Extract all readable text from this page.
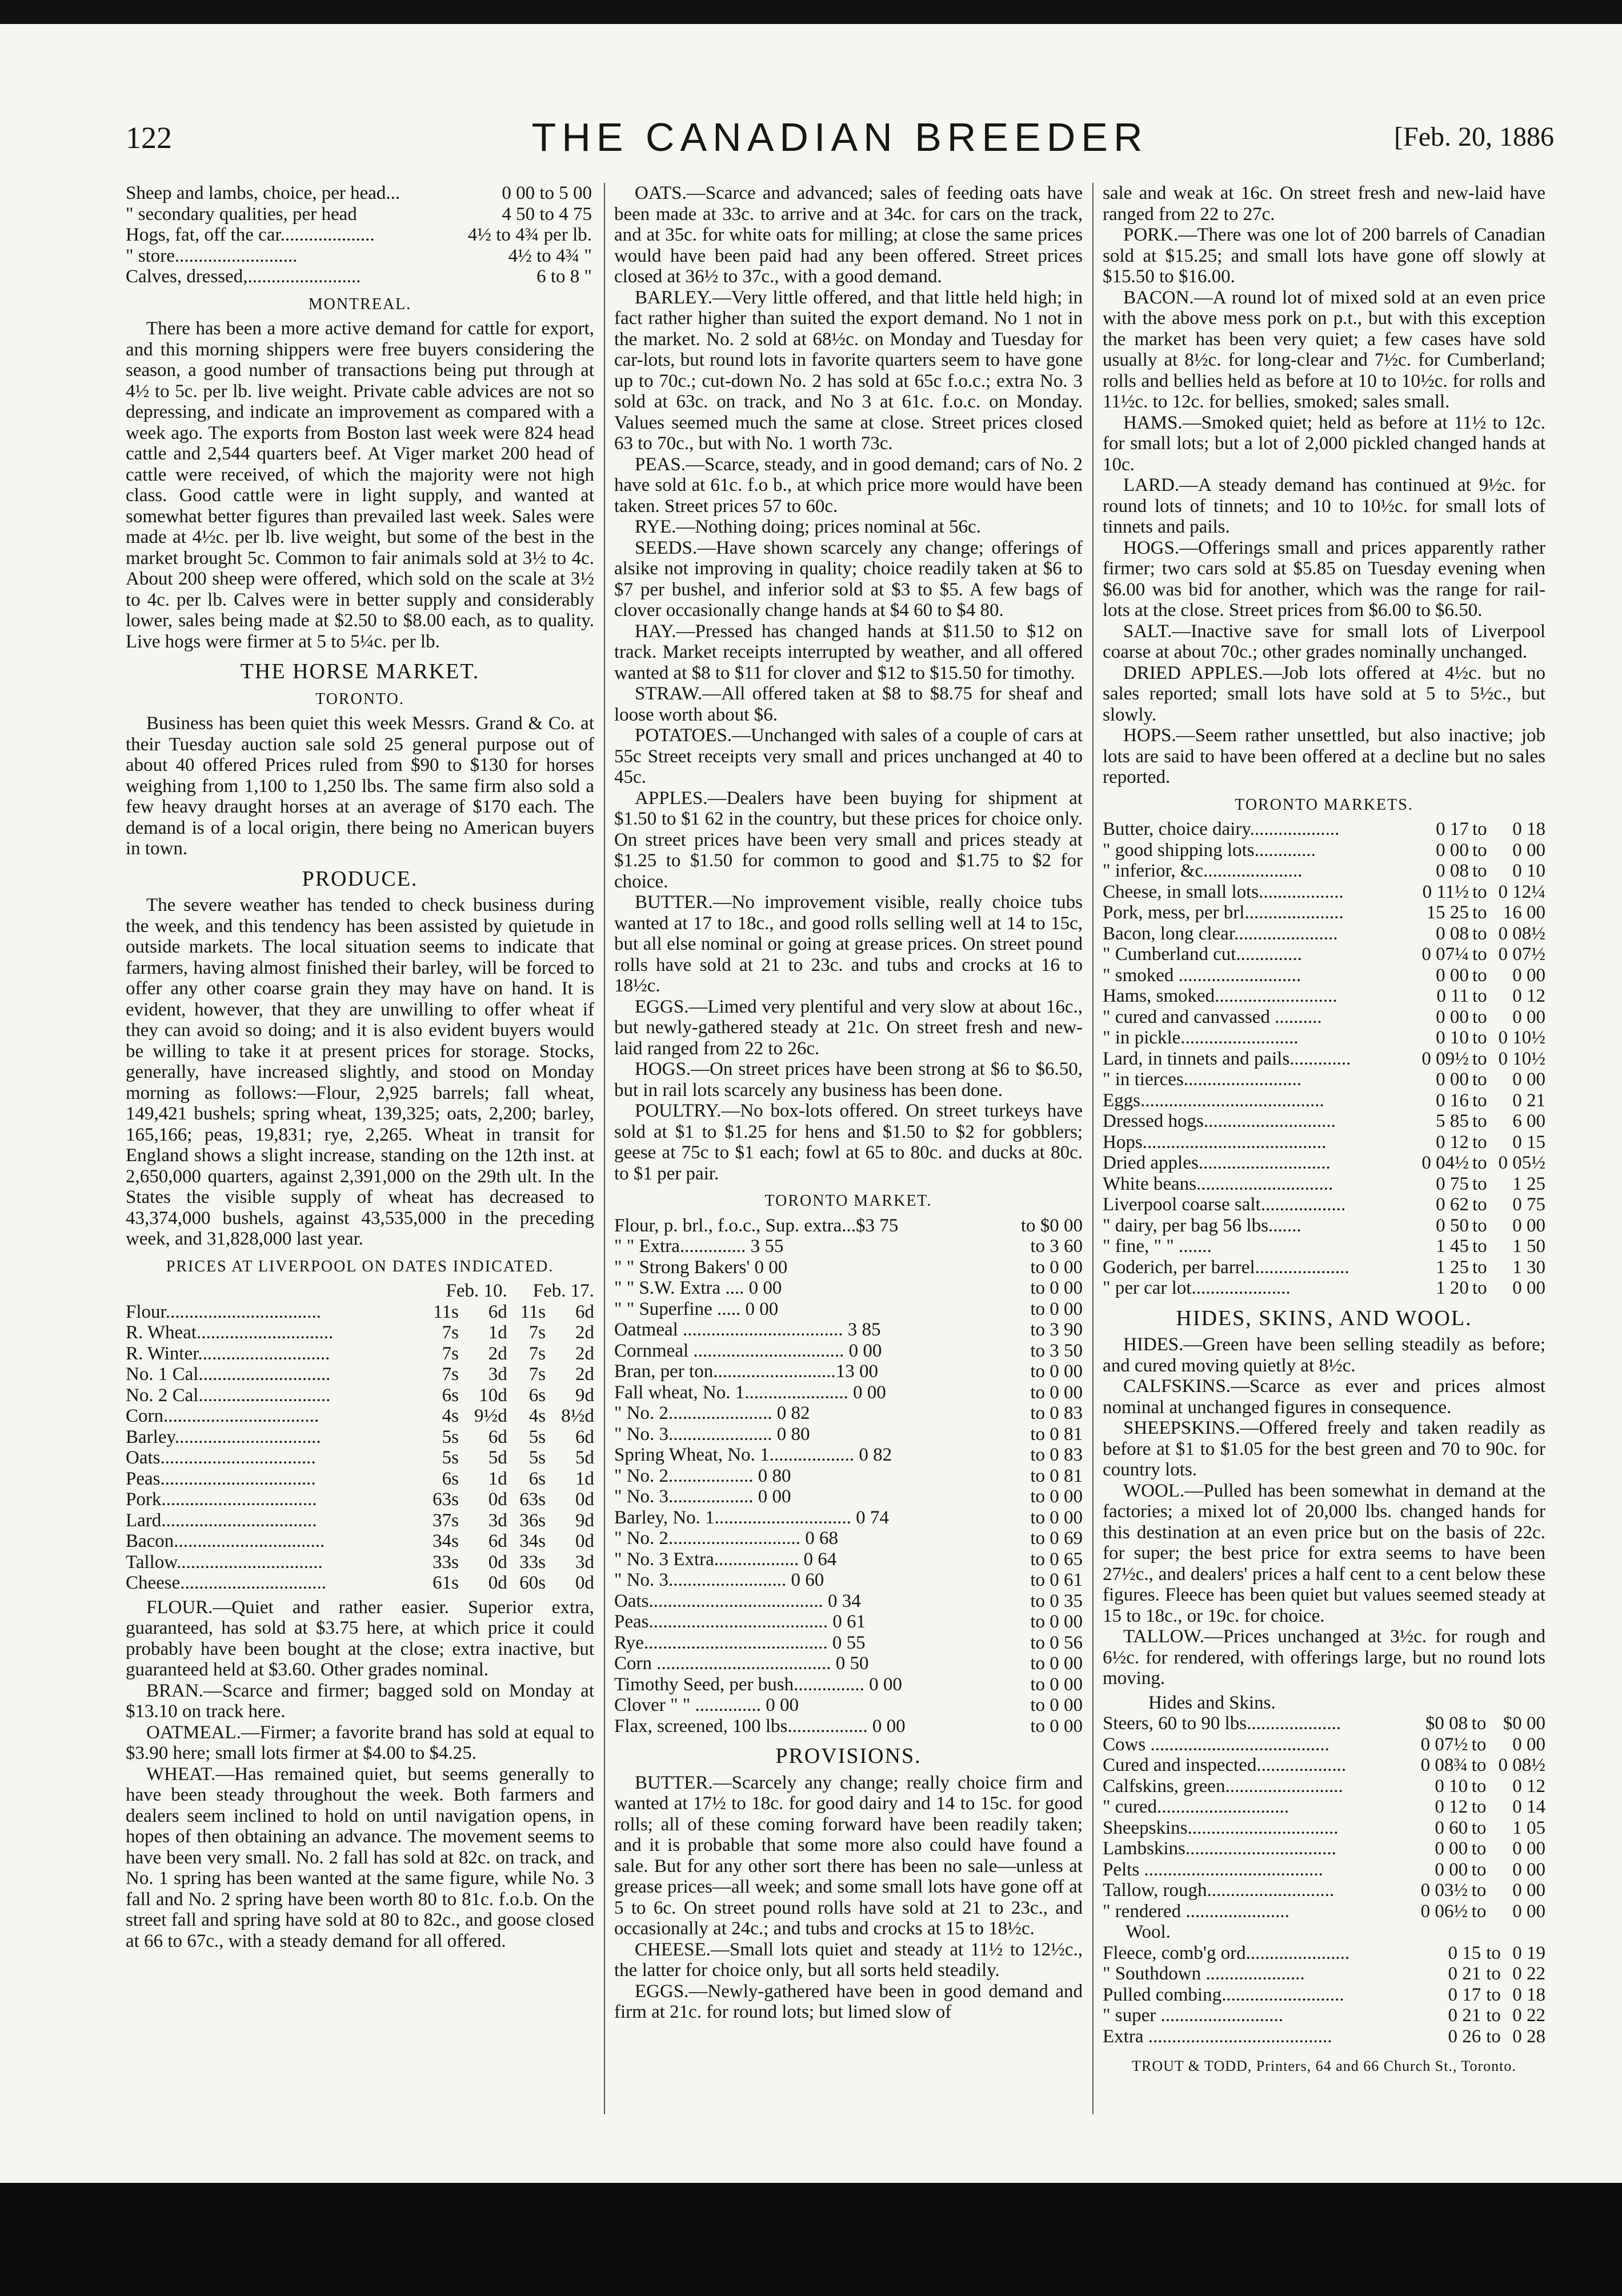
122	THE CANADIAN BREEDER	[Feb. 20, 1886
Sheep and lambs, choice, per head...	0 00 to 5 00
" secondary qualities, per head	4 50 to 4 75
Hogs, fat, off the car....................	4½ to 4¾ per lb.
" store..........................	4½ to 4¾ "
Calves, dressed,........................	6 to 8 "
MONTREAL.

There has been a more active demand for cattle for export, and this morning shippers were free buyers considering the season, a good number of transactions being put through at 4½ to 5c. per lb. live weight. Private cable advices are not so depressing, and indicate an improvement as compared with a week ago. The exports from Boston last week were 824 head cattle and 2,544 quarters beef. At Viger market 200 head of cattle were received, of which the majority were not high class. Good cattle were in light supply, and wanted at somewhat better figures than prevailed last week. Sales were made at 4½c. per lb. live weight, but some of the best in the market brought 5c. Common to fair animals sold at 3½ to 4c. About 200 sheep were offered, which sold on the scale at 3½ to 4c. per lb. Calves were in better supply and considerably lower, sales being made at $2.50 to $8.00 each, as to quality. Live hogs were firmer at 5 to 5¼c. per lb.

THE HORSE MARKET.
TORONTO.

Business has been quiet this week Messrs. Grand & Co. at their Tuesday auction sale sold 25 general purpose out of about 40 offered Prices ruled from $90 to $130 for horses weighing from 1,100 to 1,250 lbs. The same firm also sold a few heavy draught horses at an average of $170 each. The demand is of a local origin, there being no American buyers in town.

PRODUCE.

The severe weather has tended to check business during the week, and this tendency has been assisted by quietude in outside markets. The local situation seems to indicate that farmers, having almost finished their barley, will be forced to offer any other coarse grain they may have on hand. It is evident, however, that they are unwilling to offer wheat if they can avoid so doing; and it is also evident buyers would be willing to take it at present prices for storage. Stocks, generally, have increased slightly, and stood on Monday morning as follows:—Flour, 2,925 barrels; fall wheat, 149,421 bushels; spring wheat, 139,325; oats, 2,200; barley, 165,166; peas, 19,831; rye, 2,265. Wheat in transit for England shows a slight increase, standing on the 12th inst. at 2,650,000 quarters, against 2,391,000 on the 29th ult. In the States the visible supply of wheat has decreased to 43,374,000 bushels, against 43,535,000 in the preceding week, and 31,828,000 last year.

PRICES AT LIVERPOOL ON DATES INDICATED.
	Feb. 10.		Feb. 17.	
Flour.................................	11s	6d	11s	6d
R. Wheat.............................	7s	1d	7s	2d
R. Winter............................	7s	2d	7s	2d
No. 1 Cal............................	7s	3d	7s	2d
No. 2 Cal............................	6s	10d	6s	9d
Corn.................................	4s	9½d	4s	8½d
Barley...............................	5s	6d	5s	6d
Oats.................................	5s	5d	5s	5d
Peas.................................	6s	1d	6s	1d
Pork.................................	63s	0d	63s	0d
Lard.................................	37s	3d	36s	9d
Bacon................................	34s	6d	34s	0d
Tallow...............................	33s	0d	33s	3d
Cheese...............................	61s	0d	60s	0d

FLOUR.—Quiet and rather easier. Superior extra, guaranteed, has sold at $3.75 here, at which price it could probably have been bought at the close; extra inactive, but guaranteed held at $3.60. Other grades nominal.

BRAN.—Scarce and firmer; bagged sold on Monday at $13.10 on track here.

OATMEAL.—Firmer; a favorite brand has sold at equal to $3.90 here; small lots firmer at $4.00 to $4.25.

WHEAT.—Has remained quiet, but seems generally to have been steady throughout the week. Both farmers and dealers seem inclined to hold on until navigation opens, in hopes of then obtaining an advance. The movement seems to have been very small. No. 2 fall has sold at 82c. on track, and No. 1 spring has been wanted at the same figure, while No. 3 fall and No. 2 spring have been worth 80 to 81c. f.o.b. On the street fall and spring have sold at 80 to 82c., and goose closed at 66 to 67c., with a steady demand for all offered.

OATS.—Scarce and advanced; sales of feeding oats have been made at 33c. to arrive and at 34c. for cars on the track, and at 35c. for white oats for milling; at close the same prices would have been paid had any been offered. Street prices closed at 36½ to 37c., with a good demand.

BARLEY.—Very little offered, and that little held high; in fact rather higher than suited the export demand. No 1 not in the market. No. 2 sold at 68½c. on Monday and Tuesday for car-lots, but round lots in favorite quarters seem to have gone up to 70c.; cut-down No. 2 has sold at 65c f.o.c.; extra No. 3 sold at 63c. on track, and No 3 at 61c. f.o.c. on Monday. Values seemed much the same at close. Street prices closed 63 to 70c., but with No. 1 worth 73c.

PEAS.—Scarce, steady, and in good demand; cars of No. 2 have sold at 61c. f.o b., at which price more would have been taken. Street prices 57 to 60c.

RYE.—Nothing doing; prices nominal at 56c.

SEEDS.—Have shown scarcely any change; offerings of alsike not improving in quality; choice readily taken at $6 to $7 per bushel, and inferior sold at $3 to $5. A few bags of clover occasionally change hands at $4 60 to $4 80.

HAY.—Pressed has changed hands at $11.50 to $12 on track. Market receipts interrupted by weather, and all offered wanted at $8 to $11 for clover and $12 to $15.50 for timothy.

STRAW.—All offered taken at $8 to $8.75 for sheaf and loose worth about $6.

POTATOES.—Unchanged with sales of a couple of cars at 55c Street receipts very small and prices unchanged at 40 to 45c.

APPLES.—Dealers have been buying for shipment at $1.50 to $1 62 in the country, but these prices for choice only. On street prices have been very small and prices steady at $1.25 to $1.50 for common to good and $1.75 to $2 for choice.

BUTTER.—No improvement visible, really choice tubs wanted at 17 to 18c., and good rolls selling well at 14 to 15c, but all else nominal or going at grease prices. On street pound rolls have sold at 21 to 23c. and tubs and crocks at 16 to 18½c.

EGGS.—Limed very plentiful and very slow at about 16c., but newly-gathered steady at 21c. On street fresh and new-laid ranged from 22 to 26c.

HOGS.—On street prices have been strong at $6 to $6.50, but in rail lots scarcely any business has been done.

POULTRY.—No box-lots offered. On street turkeys have sold at $1 to $1.25 for hens and $1.50 to $2 for gobblers; geese at 75c to $1 each; fowl at 65 to 80c. and ducks at 80c. to $1 per pair.

TORONTO MARKET.
Flour, p. brl., f.o.c., Sup. extra...$3 75	to $0 00
" " Extra.............. 3 55	to 3 60
" " Strong Bakers' 0 00	to 0 00
" " S.W. Extra .... 0 00	to 0 00
" " Superfine ..... 0 00	to 0 00
Oatmeal .................................. 3 85	to 3 90
Cornmeal ................................ 0 00	to 3 50
Bran, per ton..........................13 00	to 0 00
Fall wheat, No. 1...................... 0 00	to 0 00
" No. 2...................... 0 82	to 0 83
" No. 3...................... 0 80	to 0 81
Spring Wheat, No. 1.................. 0 82	to 0 83
" No. 2.................. 0 80	to 0 81
" No. 3.................. 0 00	to 0 00
Barley, No. 1............................. 0 74	to 0 00
" No. 2............................ 0 68	to 0 69
" No. 3 Extra.................. 0 64	to 0 65
" No. 3......................... 0 60	to 0 61
Oats..................................... 0 34	to 0 35
Peas...................................... 0 61	to 0 00
Rye....................................... 0 55	to 0 56
Corn ..................................... 0 50	to 0 00
Timothy Seed, per bush............... 0 00	to 0 00
Clover " " .............. 0 00	to 0 00
Flax, screened, 100 lbs................. 0 00	to 0 00
PROVISIONS.

BUTTER.—Scarcely any change; really choice firm and wanted at 17½ to 18c. for good dairy and 14 to 15c. for good rolls; all of these coming forward have been readily taken; and it is probable that some more also could have found a sale. But for any other sort there has been no sale—unless at grease prices—all week; and some small lots have gone off at 5 to 6c. On street pound rolls have sold at 21 to 23c., and occasionally at 24c.; and tubs and crocks at 15 to 18½c.

CHEESE.—Small lots quiet and steady at 11½ to 12½c., the latter for choice only, but all sorts held steadily.

EGGS.—Newly-gathered have been in good demand and firm at 21c. for round lots; but limed slow of

sale and weak at 16c. On street fresh and new-laid have ranged from 22 to 27c.

PORK.—There was one lot of 200 barrels of Canadian sold at $15.25; and small lots have gone off slowly at $15.50 to $16.00.

BACON.—A round lot of mixed sold at an even price with the above mess pork on p.t., but with this exception the market has been very quiet; a few cases have sold usually at 8½c. for long-clear and 7½c. for Cumberland; rolls and bellies held as before at 10 to 10½c. for rolls and 11½c. to 12c. for bellies, smoked; sales small.

HAMS.—Smoked quiet; held as before at 11½ to 12c. for small lots; but a lot of 2,000 pickled changed hands at 10c.

LARD.—A steady demand has continued at 9½c. for round lots of tinnets; and 10 to 10½c. for small lots of tinnets and pails.

HOGS.—Offerings small and prices apparently rather firmer; two cars sold at $5.85 on Tuesday evening when $6.00 was bid for another, which was the range for rail-lots at the close. Street prices from $6.00 to $6.50.

SALT.—Inactive save for small lots of Liverpool coarse at about 70c.; other grades nominally unchanged.

DRIED APPLES.—Job lots offered at 4½c. but no sales reported; small lots have sold at 5 to 5½c., but slowly.

HOPS.—Seem rather unsettled, but also inactive; job lots are said to have been offered at a decline but no sales reported.

TORONTO MARKETS.
Butter, choice dairy...................	0 17	to	0 18
" good shipping lots.............	0 00	to	0 00
" inferior, &c.....................	0 08	to	0 10
Cheese, in small lots..................	0 11½	to	0 12¼
Pork, mess, per brl.....................	15 25	to	16 00
Bacon, long clear......................	0 08	to	0 08½
" Cumberland cut..............	0 07¼	to	0 07½
" smoked ..........................	0 00	to	0 00
Hams, smoked..........................	0 11	to	0 12
" cured and canvassed ..........	0 00	to	0 00
" in pickle.........................	0 10	to	0 10½
Lard, in tinnets and pails.............	0 09½	to	0 10½
" in tierces.........................	0 00	to	0 00
Eggs.......................................	0 16	to	0 21
Dressed hogs............................	5 85	to	6 00
Hops.......................................	0 12	to	0 15
Dried apples............................	0 04½	to	0 05½
White beans.............................	0 75	to	1 25
Liverpool coarse salt..................	0 62	to	0 75
" dairy, per bag 56 lbs.......	0 50	to	0 00
" fine, " " .......	1 45	to	1 50
Goderich, per barrel....................	1 25	to	1 30
" per car lot.....................	1 20	to	0 00
HIDES, SKINS, AND WOOL.

HIDES.—Green have been selling steadily as before; and cured moving quietly at 8½c.

CALFSKINS.—Scarce as ever and prices almost nominal at unchanged figures in consequence.

SHEEPSKINS.—Offered freely and taken readily as before at $1 to $1.05 for the best green and 70 to 90c. for country lots.

WOOL.—Pulled has been somewhat in demand at the factories; a mixed lot of 20,000 lbs. changed hands for this destination at an even price but on the basis of 22c. for super; the best price for extra seems to have been 27½c., and dealers' prices a half cent to a cent below these figures. Fleece has been quiet but values seemed steady at 15 to 18c., or 19c. for choice.

TALLOW.—Prices unchanged at 3½c. for rough and 6½c. for rendered, with offerings large, but no round lots moving.

Hides and Skins.

Steers, 60 to 90 lbs....................	$0 08	to	$0 00
Cows ......................................	0 07½	to	0 00
Cured and inspected...................	0 08¾	to	0 08½
Calfskins, green.........................	0 10	to	0 12
" cured............................	0 12	to	0 14
Sheepskins................................	0 60	to	1 05
Lambskins................................	0 00	to	0 00
Pelts ......................................	0 00	to	0 00
Tallow, rough...........................	0 03½	to	0 00
" rendered ......................	0 06½	to	0 00

Wool.

Fleece, comb'g ord......................	0 15	to	0 19
" Southdown .....................	0 21	to	0 22
Pulled combing..........................	0 17	to	0 18
" super ..........................	0 21	to	0 22
Extra .......................................	0 26	to	0 28
TROUT & TODD, Printers, 64 and 66 Church St., Toronto.
